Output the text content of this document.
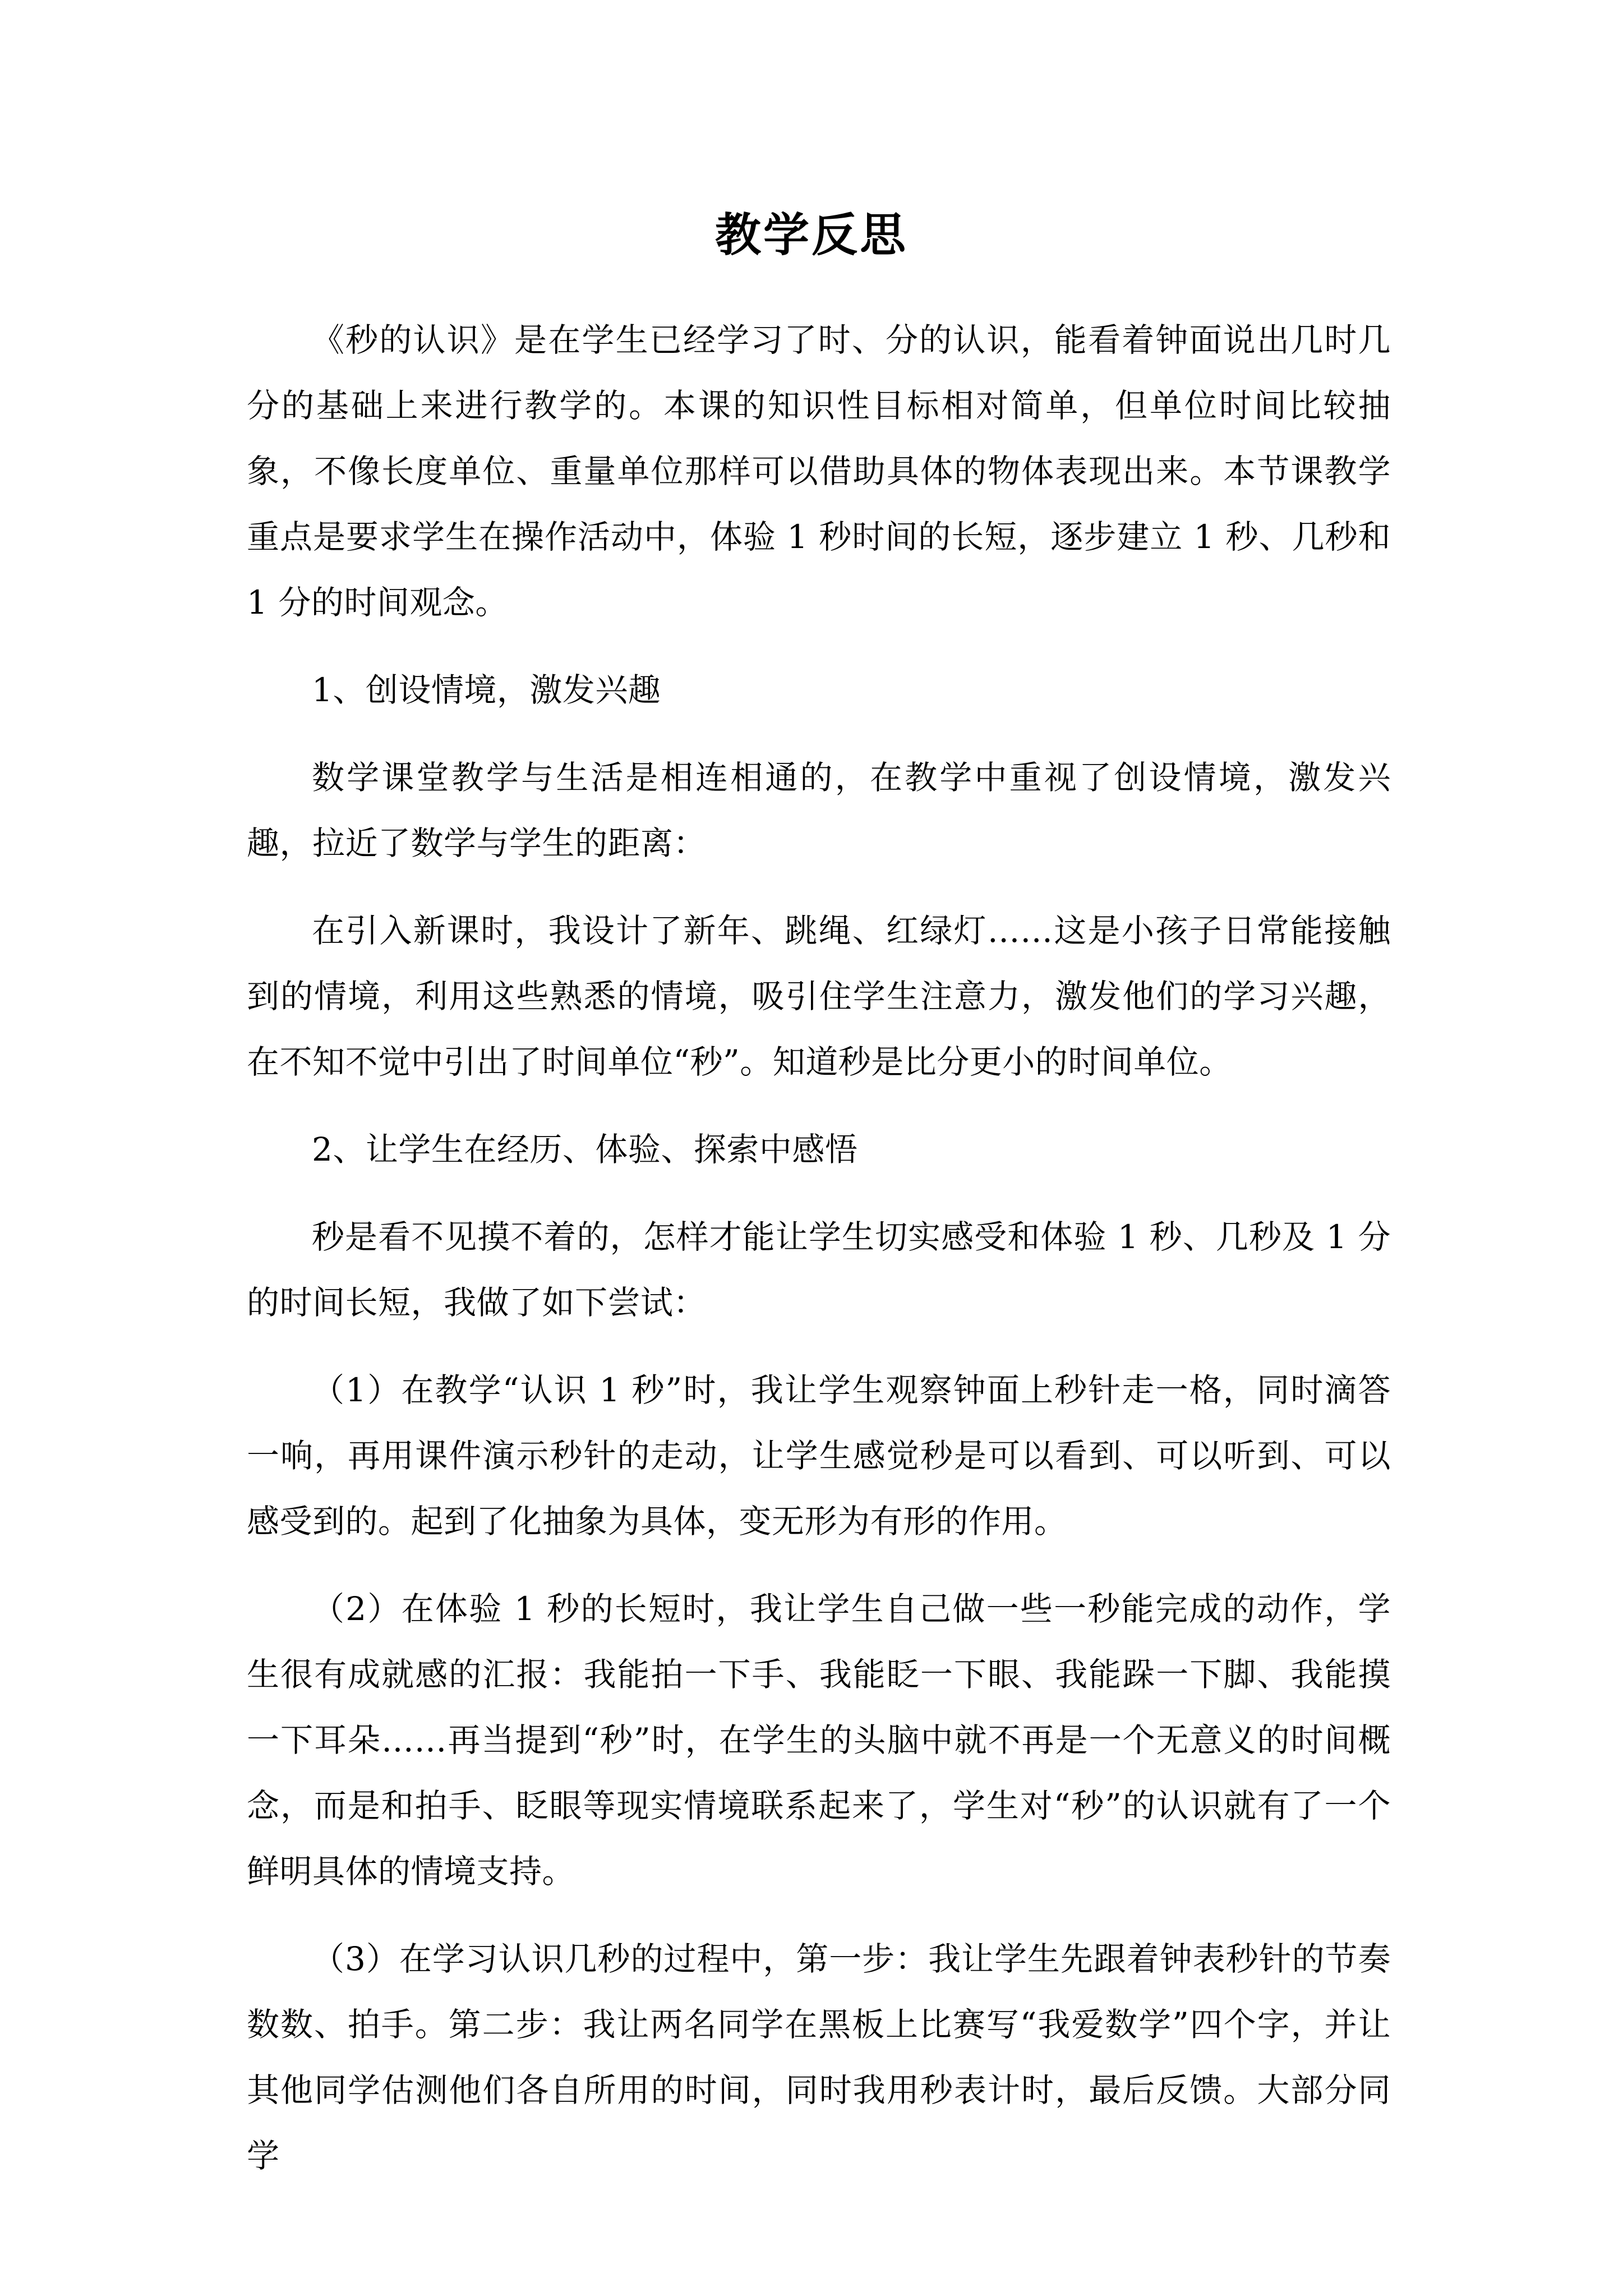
教学反思

《秒的认识》是在学生已经学习了时、分的认识，能看着钟面说出几时几分的基础上来进行教学的。本课的知识性目标相对简单，但单位时间比较抽象，不像长度单位、重量单位那样可以借助具体的物体表现出来。本节课教学重点是要求学生在操作活动中，体验 1 秒时间的长短，逐步建立 1 秒、几秒和 1 分的时间观念。

1、创设情境，激发兴趣

数学课堂教学与生活是相连相通的，在教学中重视了创设情境，激发兴趣，拉近了数学与学生的距离：

在引入新课时，我设计了新年、跳绳、红绿灯……这是小孩子日常能接触到的情境，利用这些熟悉的情境，吸引住学生注意力，激发他们的学习兴趣，在不知不觉中引出了时间单位“秒”。知道秒是比分更小的时间单位。

2、让学生在经历、体验、探索中感悟

秒是看不见摸不着的，怎样才能让学生切实感受和体验 1 秒、几秒及 1 分的时间长短，我做了如下尝试：

（1）在教学“认识 1 秒”时，我让学生观察钟面上秒针走一格，同时滴答一响，再用课件演示秒针的走动，让学生感觉秒是可以看到、可以听到、可以感受到的。起到了化抽象为具体，变无形为有形的作用。

（2）在体验 1 秒的长短时，我让学生自己做一些一秒能完成的动作，学生很有成就感的汇报：我能拍一下手、我能眨一下眼、我能跺一下脚、我能摸一下耳朵……再当提到“秒”时，在学生的头脑中就不再是一个无意义的时间概念，而是和拍手、眨眼等现实情境联系起来了，学生对“秒”的认识就有了一个鲜明具体的情境支持。

（3）在学习认识几秒的过程中，第一步：我让学生先跟着钟表秒针的节奏数数、拍手。第二步：我让两名同学在黑板上比赛写“我爱数学”四个字，并让其他同学估测他们各自所用的时间，同时我用秒表计时，最后反馈。大部分同学
